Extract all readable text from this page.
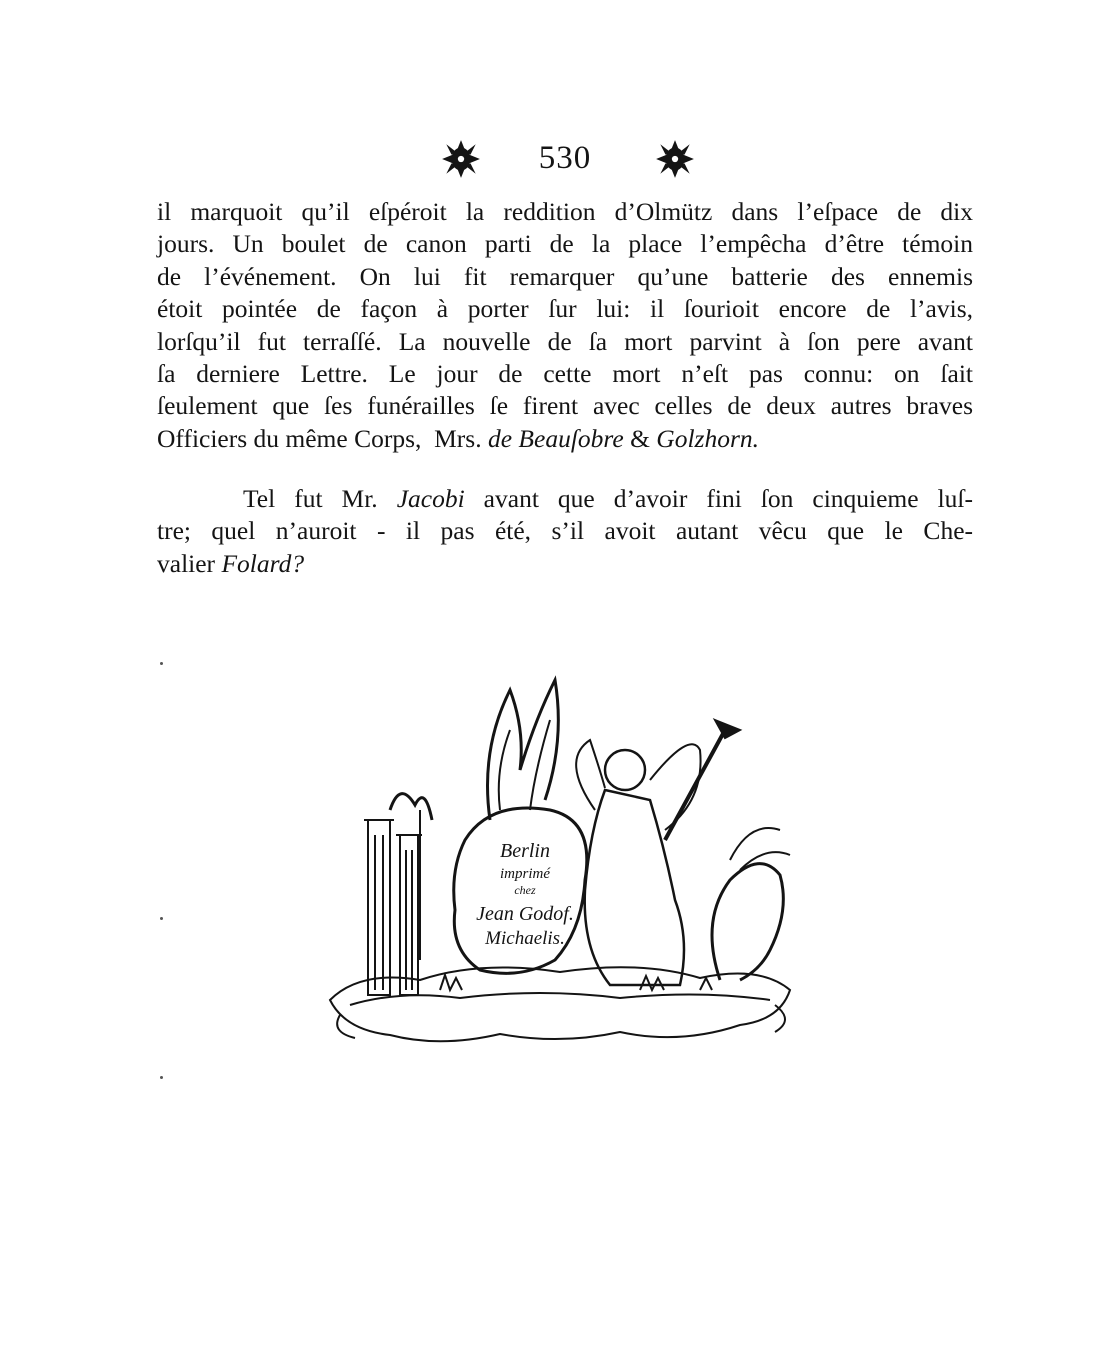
530
il marquoit qu’il eſpéroit la reddition d’Olmütz dans l’eſpace de dix
jours. Un boulet de canon parti de la place l’empêcha d’être témoin
de l’événement. On lui fit remarquer qu’une batterie des ennemis
étoit pointée de façon à porter ſur lui: il ſourioit encore de l’avis,
lorſqu’il fut terraſſé. La nouvelle de ſa mort parvint à ſon pere avant
ſa derniere Lettre. Le jour de cette mort n’eſt pas connu: on ſait
ſeulement que ſes funérailles ſe firent avec celles de deux autres braves
Officiers du même Corps,  Mrs. de Beauſobre & Golzhorn.
Tel fut Mr. Jacobi avant que d’avoir fini ſon cinquieme luſ-
tre; quel n’auroit - il pas été, s’il avoit autant vêcu que le Che-
valier Folard?
Berlin
imprimé
chez
Jean Godof.
Michaelis.
